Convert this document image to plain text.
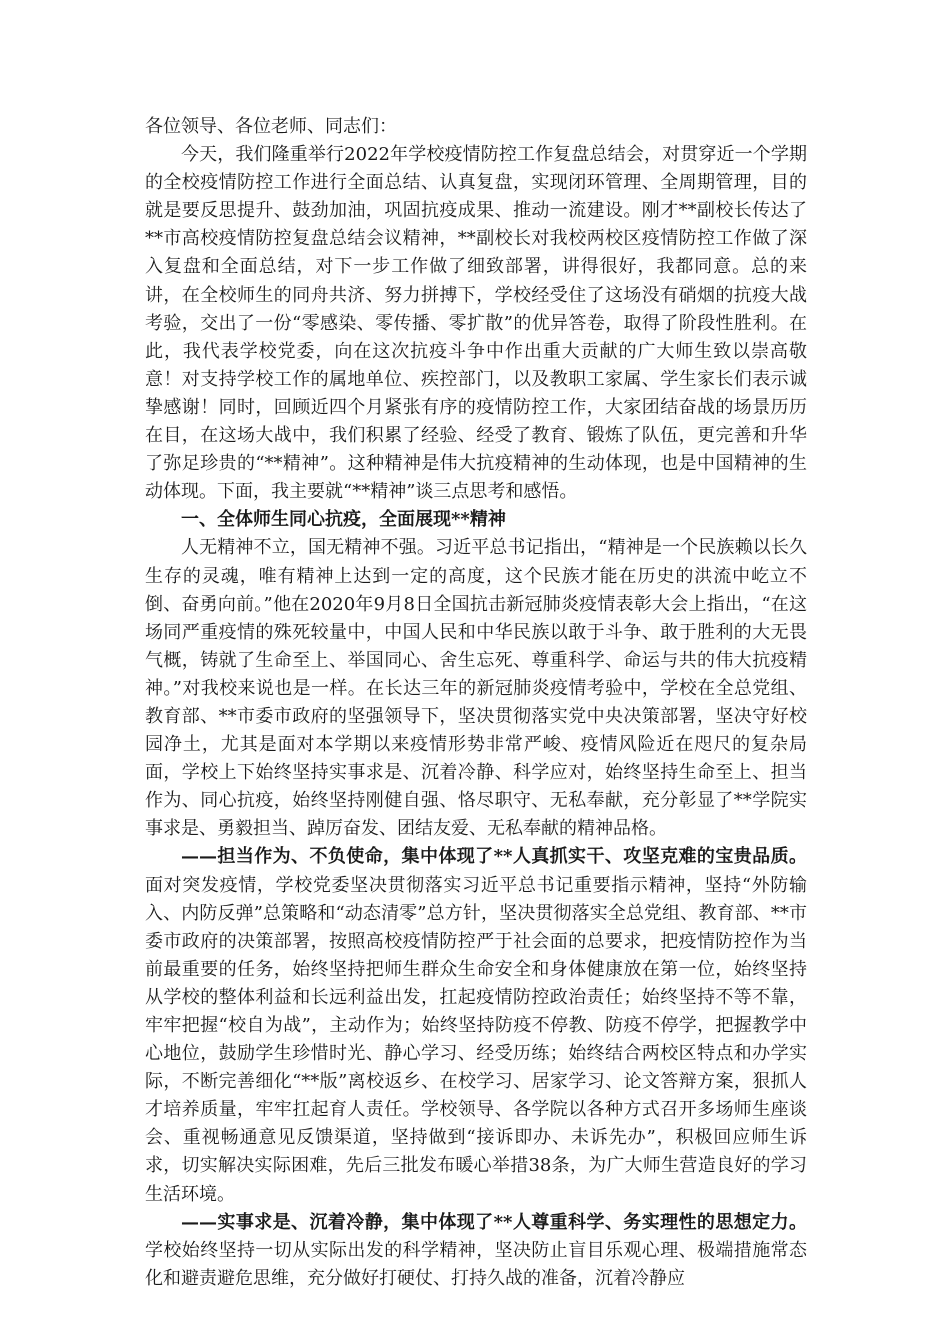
各位领导、各位老师、同志们：

今天，我们隆重举行2022年学校疫情防控工作复盘总结会，对贯穿近一个学期的全校疫情防控工作进行全面总结、认真复盘，实现闭环管理、全周期管理，目的就是要反思提升、鼓劲加油，巩固抗疫成果、推动一流建设。刚才**副校长传达了**市高校疫情防控复盘总结会议精神，**副校长对我校两校区疫情防控工作做了深入复盘和全面总结，对下一步工作做了细致部署，讲得很好，我都同意。总的来讲，在全校师生的同舟共济、努力拼搏下，学校经受住了这场没有硝烟的抗疫大战考验，交出了一份“零感染、零传播、零扩散”的优异答卷，取得了阶段性胜利。在此，我代表学校党委，向在这次抗疫斗争中作出重大贡献的广大师生致以崇高敬意！对支持学校工作的属地单位、疾控部门，以及教职工家属、学生家长们表示诚挚感谢！同时，回顾近四个月紧张有序的疫情防控工作，大家团结奋战的场景历历在目，在这场大战中，我们积累了经验、经受了教育、锻炼了队伍，更完善和升华了弥足珍贵的“**精神”。这种精神是伟大抗疫精神的生动体现，也是中国精神的生动体现。下面，我主要就“**精神”谈三点思考和感悟。

一、全体师生同心抗疫，全面展现**精神

人无精神不立，国无精神不强。习近平总书记指出，“精神是一个民族赖以长久生存的灵魂，唯有精神上达到一定的高度，这个民族才能在历史的洪流中屹立不倒、奋勇向前。”他在2020年9月8日全国抗击新冠肺炎疫情表彰大会上指出，“在这场同严重疫情的殊死较量中，中国人民和中华民族以敢于斗争、敢于胜利的大无畏气概，铸就了生命至上、举国同心、舍生忘死、尊重科学、命运与共的伟大抗疫精神。”对我校来说也是一样。在长达三年的新冠肺炎疫情考验中，学校在全总党组、教育部、**市委市政府的坚强领导下，坚决贯彻落实党中央决策部署，坚决守好校园净土，尤其是面对本学期以来疫情形势非常严峻、疫情风险近在咫尺的复杂局面，学校上下始终坚持实事求是、沉着冷静、科学应对，始终坚持生命至上、担当作为、同心抗疫，始终坚持刚健自强、恪尽职守、无私奉献，充分彰显了**学院实事求是、勇毅担当、踔厉奋发、团结友爱、无私奉献的精神品格。

——担当作为、不负使命，集中体现了**人真抓实干、攻坚克难的宝贵品质。面对突发疫情，学校党委坚决贯彻落实习近平总书记重要指示精神，坚持“外防输入、内防反弹”总策略和“动态清零”总方针，坚决贯彻落实全总党组、教育部、**市委市政府的决策部署，按照高校疫情防控严于社会面的总要求，把疫情防控作为当前最重要的任务，始终坚持把师生群众生命安全和身体健康放在第一位，始终坚持从学校的整体利益和长远利益出发，扛起疫情防控政治责任；始终坚持不等不靠，牢牢把握“校自为战”，主动作为；始终坚持防疫不停教、防疫不停学，把握教学中心地位，鼓励学生珍惜时光、静心学习、经受历练；始终结合两校区特点和办学实际，不断完善细化“**版”离校返乡、在校学习、居家学习、论文答辩方案，狠抓人才培养质量，牢牢扛起育人责任。学校领导、各学院以各种方式召开多场师生座谈会、重视畅通意见反馈渠道，坚持做到“接诉即办、未诉先办”，积极回应师生诉求，切实解决实际困难，先后三批发布暖心举措38条，为广大师生营造良好的学习生活环境。

——实事求是、沉着冷静，集中体现了**人尊重科学、务实理性的思想定力。学校始终坚持一切从实际出发的科学精神，坚决防止盲目乐观心理、极端措施常态化和避责避危思维，充分做好打硬仗、打持久战的准备，沉着冷静应
